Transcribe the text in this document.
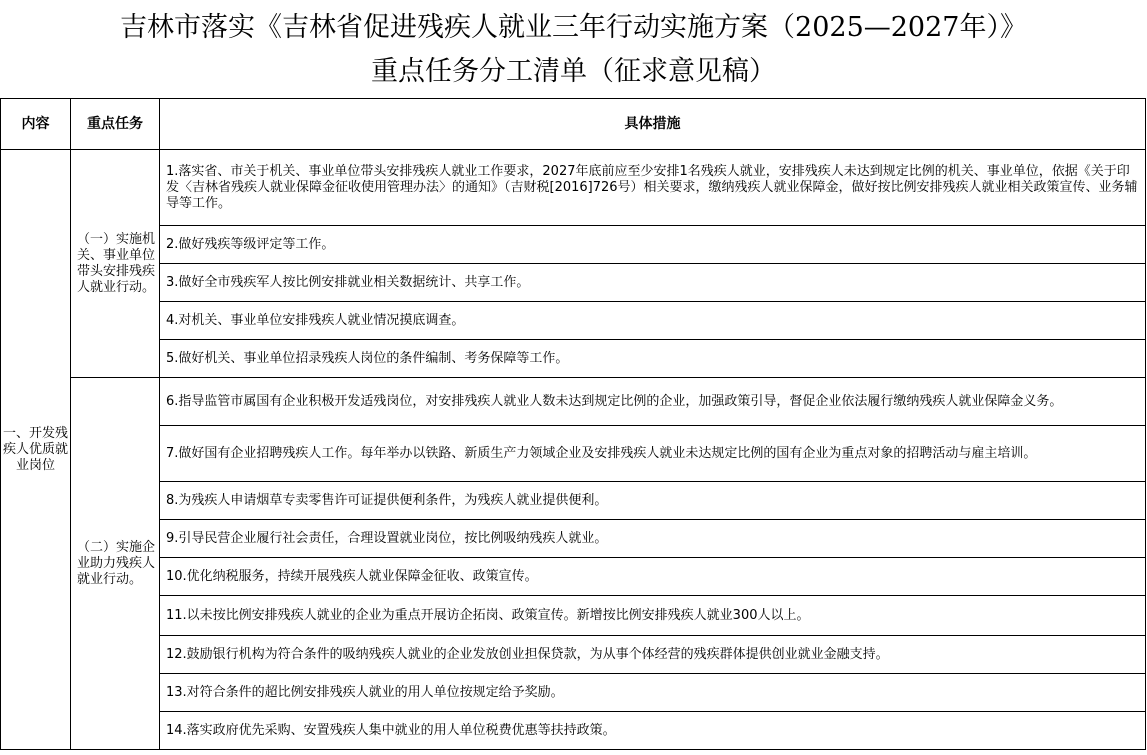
吉林市落实《吉林省促进残疾人就业三年行动实施方案（2025—2027年）》
重点任务分工清单（征求意见稿）
内容	重点任务	具体措施
一、开发残疾人优质就业岗位	（一）实施机关、事业单位带头安排残疾人就业行动。	1.落实省、市关于机关、事业单位带头安排残疾人就业工作要求，2027年底前应至少安排1名残疾人就业，安排残疾人未达到规定比例的机关、事业单位，依据《关于印发〈吉林省残疾人就业保障金征收使用管理办法〉的通知》（吉财税[2016]726号）相关要求，缴纳残疾人就业保障金，做好按比例安排残疾人就业相关政策宣传、业务辅导等工作。
		2.做好残疾等级评定等工作。
		3.做好全市残疾军人按比例安排就业相关数据统计、共享工作。
		4.对机关、事业单位安排残疾人就业情况摸底调查。
		5.做好机关、事业单位招录残疾人岗位的条件编制、考务保障等工作。
	（二）实施企业助力残疾人就业行动。	6.指导监管市属国有企业积极开发适残岗位，对安排残疾人就业人数未达到规定比例的企业，加强政策引导，督促企业依法履行缴纳残疾人就业保障金义务。
		7.做好国有企业招聘残疾人工作。每年举办以铁路、新质生产力领域企业及安排残疾人就业未达规定比例的国有企业为重点对象的招聘活动与雇主培训。
		8.为残疾人申请烟草专卖零售许可证提供便利条件，为残疾人就业提供便利。
		9.引导民营企业履行社会责任，合理设置就业岗位，按比例吸纳残疾人就业。
		10.优化纳税服务，持续开展残疾人就业保障金征收、政策宣传。
		11.以未按比例安排残疾人就业的企业为重点开展访企拓岗、政策宣传。新增按比例安排残疾人就业300人以上。
		12.鼓励银行机构为符合条件的吸纳残疾人就业的企业发放创业担保贷款，为从事个体经营的残疾群体提供创业就业金融支持。
		13.对符合条件的超比例安排残疾人就业的用人单位按规定给予奖励。
		14.落实政府优先采购、安置残疾人集中就业的用人单位税费优惠等扶持政策。
